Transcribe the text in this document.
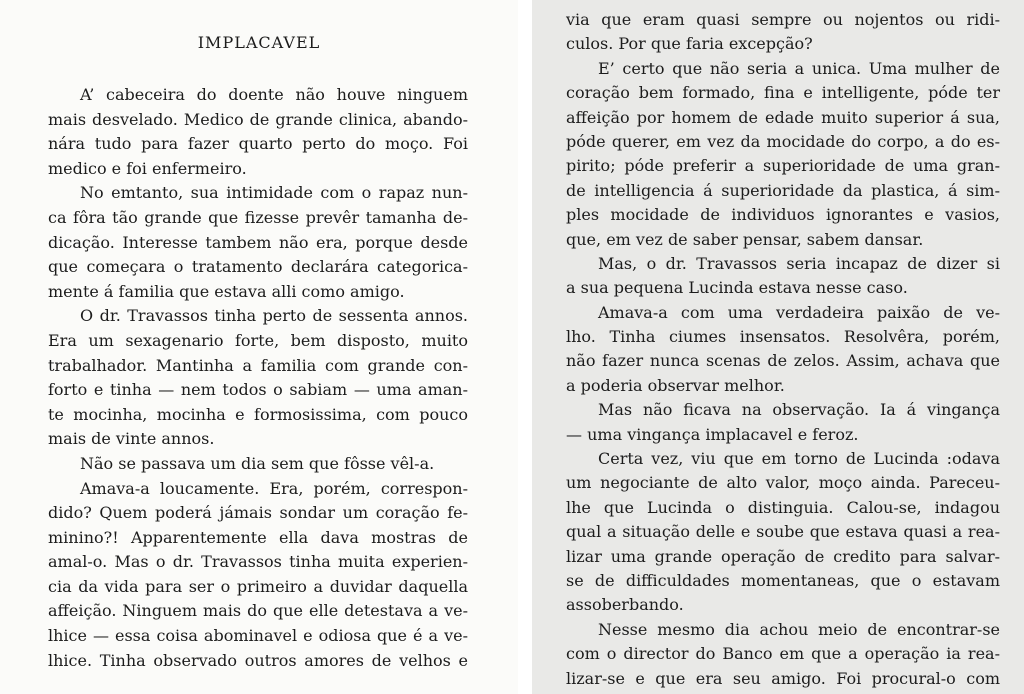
IMPLACAVEL
A’ cabeceira do doente não houve ninguem
mais desvelado. Medico de grande clinica, abando-
nára tudo para fazer quarto perto do moço. Foi
medico e foi enfermeiro.
No emtanto, sua intimidade com o rapaz nun-
ca fôra tão grande que fizesse prevêr tamanha de-
dicação. Interesse tambem não era, porque desde
que começara o tratamento declarára categorica-
mente á familia que estava alli como amigo.
O dr. Travassos tinha perto de sessenta annos.
Era um sexagenario forte, bem disposto, muito
trabalhador. Mantinha a familia com grande con-
forto e tinha — nem todos o sabiam — uma aman-
te mocinha, mocinha e formosissima, com pouco
mais de vinte annos.
Não se passava um dia sem que fôsse vêl-a.
Amava-a loucamente. Era, porém, correspon-
dido? Quem poderá jámais sondar um coração fe-
minino?! Apparentemente ella dava mostras de
amal-o. Mas o dr. Travassos tinha muita experien-
cia da vida para ser o primeiro a duvidar daquella
affeição. Ninguem mais do que elle detestava a ve-
lhice — essa coisa abominavel e odiosa que é a ve-
lhice. Tinha observado outros amores de velhos e
via que eram quasi sempre ou nojentos ou ridi-
culos. Por que faria excepção?
E’ certo que não seria a unica. Uma mulher de
coração bem formado, fina e intelligente, póde ter
affeição por homem de edade muito superior á sua,
póde querer, em vez da mocidade do corpo, a do es-
pirito; póde preferir a superioridade de uma gran-
de intelligencia á superioridade da plastica, á sim-
ples mocidade de individuos ignorantes e vasios,
que, em vez de saber pensar, sabem dansar.
Mas, o dr. Travassos seria incapaz de dizer si
a sua pequena Lucinda estava nesse caso.
Amava-a com uma verdadeira paixão de ve-
lho. Tinha ciumes insensatos. Resolvêra, porém,
não fazer nunca scenas de zelos. Assim, achava que
a poderia observar melhor.
Mas não ficava na observação. Ia á vingança
— uma vingança implacavel e feroz.
Certa vez, viu que em torno de Lucinda :odava
um negociante de alto valor, moço ainda. Pareceu-
lhe que Lucinda o distinguia. Calou-se, indagou
qual a situação delle e soube que estava quasi a rea-
lizar uma grande operação de credito para salvar-
se de difficuldades momentaneas, que o estavam
assoberbando.
Nesse mesmo dia achou meio de encontrar-se
com o director do Banco em que a operação ia rea-
lizar-se e que era seu amigo. Foi procural-o com
